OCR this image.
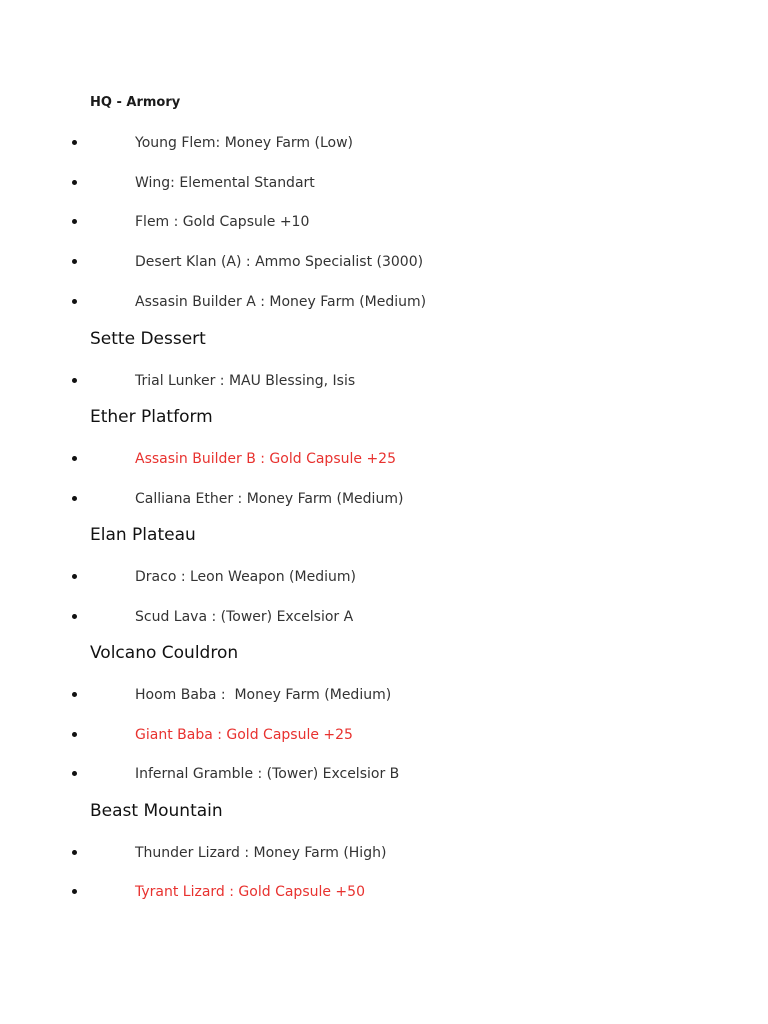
HQ - Armory
Young Flem: Money Farm (Low)
Wing: Elemental Standart
Flem : Gold Capsule +10
Desert Klan (A) : Ammo Specialist (3000)
Assasin Builder A : Money Farm (Medium)
Sette Dessert
Trial Lunker : MAU Blessing, Isis
Ether Platform
Assasin Builder B : Gold Capsule +25
Calliana Ether : Money Farm (Medium)
Elan Plateau
Draco : Leon Weapon (Medium)
Scud Lava : (Tower) Excelsior A
Volcano Couldron
Hoom Baba :  Money Farm (Medium)
Giant Baba : Gold Capsule +25
Infernal Gramble : (Tower) Excelsior B
Beast Mountain
Thunder Lizard : Money Farm (High)
Tyrant Lizard : Gold Capsule +50
